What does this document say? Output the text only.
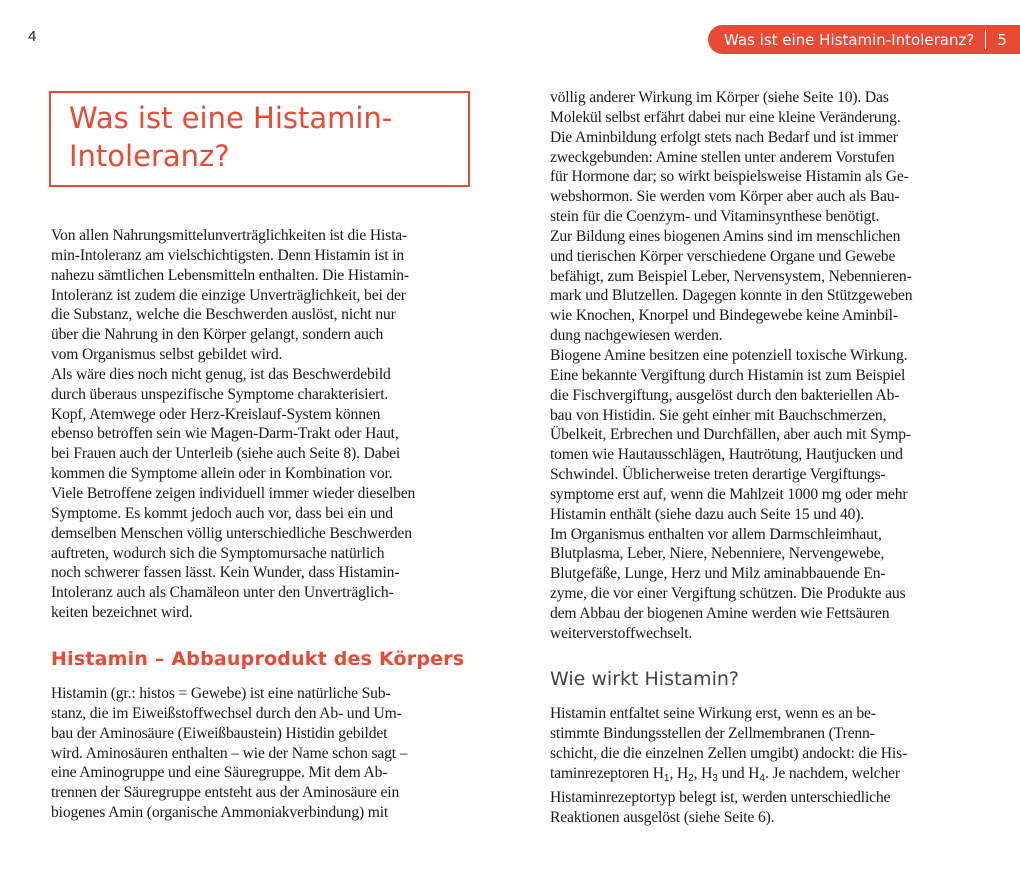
4	Was ist eine Histamin-Intoleranz? 5
Was ist eine Histamin-
Intoleranz?
Von allen Nahrungsmittelunverträglichkeiten ist die Hista-
min-Intoleranz am vielschichtigsten. Denn Histamin ist in
nahezu sämtlichen Lebensmitteln enthalten. Die Histamin-
Intoleranz ist zudem die einzige Unverträglichkeit, bei der
die Substanz, welche die Beschwerden auslöst, nicht nur
über die Nahrung in den Körper gelangt, sondern auch
vom Organismus selbst gebildet wird.
Als wäre dies noch nicht genug, ist das Beschwerdebild
durch überaus unspezifische Symptome charakterisiert.
Kopf, Atemwege oder Herz-Kreislauf-System können
ebenso betroffen sein wie Magen-Darm-Trakt oder Haut,
bei Frauen auch der Unterleib (siehe auch Seite 8). Dabei
kommen die Symptome allein oder in Kombination vor.
Viele Betroffene zeigen individuell immer wieder dieselben
Symptome. Es kommt jedoch auch vor, dass bei ein und
demselben Menschen völlig unterschiedliche Beschwerden
auftreten, wodurch sich die Symptomursache natürlich
noch schwerer fassen lässt. Kein Wunder, dass Histamin-
Intoleranz auch als Chamäleon unter den Unverträglich-
keiten bezeichnet wird.
Histamin – Abbauprodukt des Körpers
Histamin (gr.: histos = Gewebe) ist eine natürliche Sub-
stanz, die im Eiweißstoffwechsel durch den Ab- und Um-
bau der Aminosäure (Eiweißbaustein) Histidin gebildet
wird. Aminosäuren enthalten – wie der Name schon sagt –
eine Aminogruppe und eine Säuregruppe. Mit dem Ab-
trennen der Säuregruppe entsteht aus der Aminosäure ein
biogenes Amin (organische Ammoniakverbindung) mit
völlig anderer Wirkung im Körper (siehe Seite 10). Das
Molekül selbst erfährt dabei nur eine kleine Veränderung.
Die Aminbildung erfolgt stets nach Bedarf und ist immer
zweckgebunden: Amine stellen unter anderem Vorstufen
für Hormone dar; so wirkt beispielsweise Histamin als Ge-
webshormon. Sie werden vom Körper aber auch als Bau-
stein für die Coenzym- und Vitaminsynthese benötigt.
Zur Bildung eines biogenen Amins sind im menschlichen
und tierischen Körper verschiedene Organe und Gewebe
befähigt, zum Beispiel Leber, Nervensystem, Nebennieren-
mark und Blutzellen. Dagegen konnte in den Stützgeweben
wie Knochen, Knorpel und Bindegewebe keine Aminbil-
dung nachgewiesen werden.
Biogene Amine besitzen eine potenziell toxische Wirkung.
Eine bekannte Vergiftung durch Histamin ist zum Beispiel
die Fischvergiftung, ausgelöst durch den bakteriellen Ab-
bau von Histidin. Sie geht einher mit Bauchschmerzen,
Übelkeit, Erbrechen und Durchfällen, aber auch mit Symp-
tomen wie Hautausschlägen, Hautrötung, Hautjucken und
Schwindel. Üblicherweise treten derartige Vergiftungs-
symptome erst auf, wenn die Mahlzeit 1000 mg oder mehr
Histamin enthält (siehe dazu auch Seite 15 und 40).
Im Organismus enthalten vor allem Darmschleimhaut,
Blutplasma, Leber, Niere, Nebenniere, Nervengewebe,
Blutgefäße, Lunge, Herz und Milz aminabbauende En-
zyme, die vor einer Vergiftung schützen. Die Produkte aus
dem Abbau der biogenen Amine werden wie Fettsäuren
weiterverstoffwechselt.
Wie wirkt Histamin?
Histamin entfaltet seine Wirkung erst, wenn es an be-
stimmte Bindungsstellen der Zellmembranen (Trenn-
schicht, die die einzelnen Zellen umgibt) andockt: die His-
taminrezeptoren $H_1$, $H_2$, $H_3$ und $H_4$. Je nachdem, welcher
Histaminrezeptortyp belegt ist, werden unterschiedliche
Reaktionen ausgelöst (siehe Seite 6).
